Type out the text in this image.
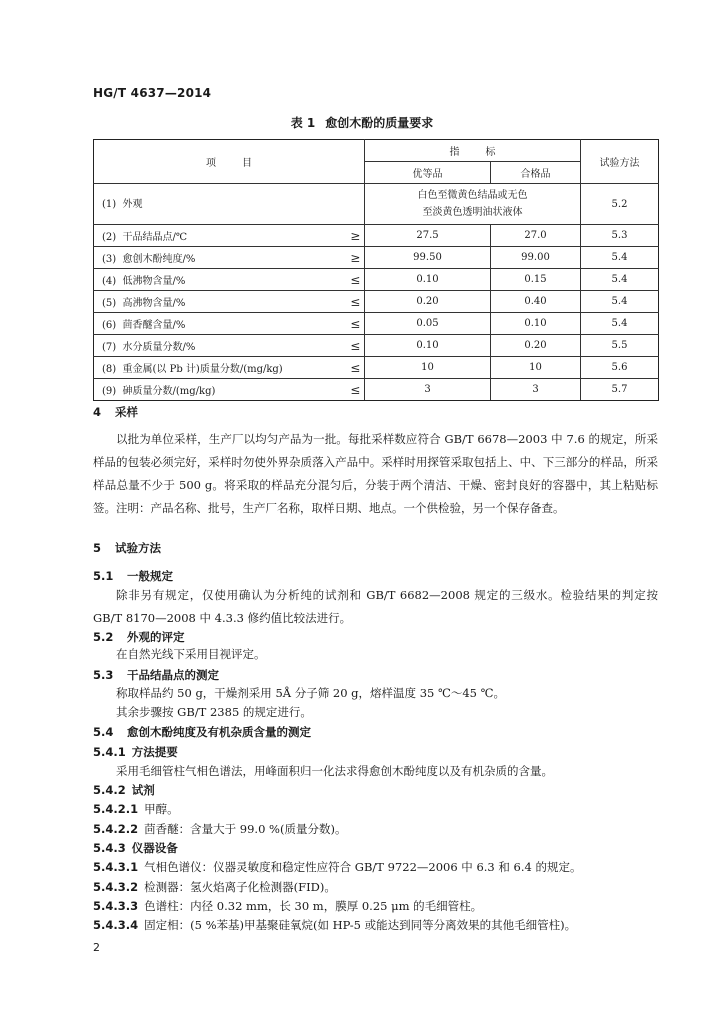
HG/T 4637—2014
表 1 愈创木酚的质量要求
项 目		指 标		试验方法
		优等品	合格品	
(1) 外观		白色至微黄色结晶或无色
至淡黄色透明油状液体		5.2
(2) 干品结晶点/℃	≥	27.5	27.0	5.3
(3) 愈创木酚纯度/%	≥	99.50	99.00	5.4
(4) 低沸物含量/%	≤	0.10	0.15	5.4
(5) 高沸物含量/%	≤	0.20	0.40	5.4
(6) 茴香醚含量/%	≤	0.05	0.10	5.4
(7) 水分质量分数/%	≤	0.10	0.20	5.5
(8) 重金属(以 Pb 计)质量分数/(mg/kg)	≤	10	10	5.6
(9) 砷质量分数/(mg/kg)	≤	3	3	5.7
4 采样
以批为单位采样，生产厂以均匀产品为一批。每批采样数应符合 GB/T 6678—2003 中 7.6 的规定，所采样品的包装必须完好，采样时勿使外界杂质落入产品中。采样时用探管采取包括上、中、下三部分的样品，所采样品总量不少于 500 g。将采取的样品充分混匀后，分装于两个清洁、干燥、密封良好的容器中，其上粘贴标签。注明：产品名称、批号，生产厂名称，取样日期、地点。一个供检验，另一个保存备查。
5 试验方法
5.1 一般规定
除非另有规定，仅使用确认为分析纯的试剂和 GB/T 6682—2008 规定的三级水。检验结果的判定按 GB/T 8170—2008 中 4.3.3 修约值比较法进行。
5.2 外观的评定
在自然光线下采用目视评定。
5.3 干品结晶点的测定
称取样品约 50 g，干燥剂采用 5Å 分子筛 20 g，熔样温度 35 ℃～45 ℃。
其余步骤按 GB/T 2385 的规定进行。
5.4 愈创木酚纯度及有机杂质含量的测定
5.4.1 方法提要
采用毛细管柱气相色谱法，用峰面积归一化法求得愈创木酚纯度以及有机杂质的含量。
5.4.2 试剂
5.4.2.1 甲醇。
5.4.2.2 茴香醚：含量大于 99.0 %(质量分数)。
5.4.3 仪器设备
5.4.3.1 气相色谱仪：仪器灵敏度和稳定性应符合 GB/T 9722—2006 中 6.3 和 6.4 的规定。
5.4.3.2 检测器：氢火焰离子化检测器(FID)。
5.4.3.3 色谱柱：内径 0.32 mm，长 30 m，膜厚 0.25 μm 的毛细管柱。
5.4.3.4 固定相：(5 %苯基)甲基聚硅氧烷(如 HP-5 或能达到同等分离效果的其他毛细管柱)。
2
